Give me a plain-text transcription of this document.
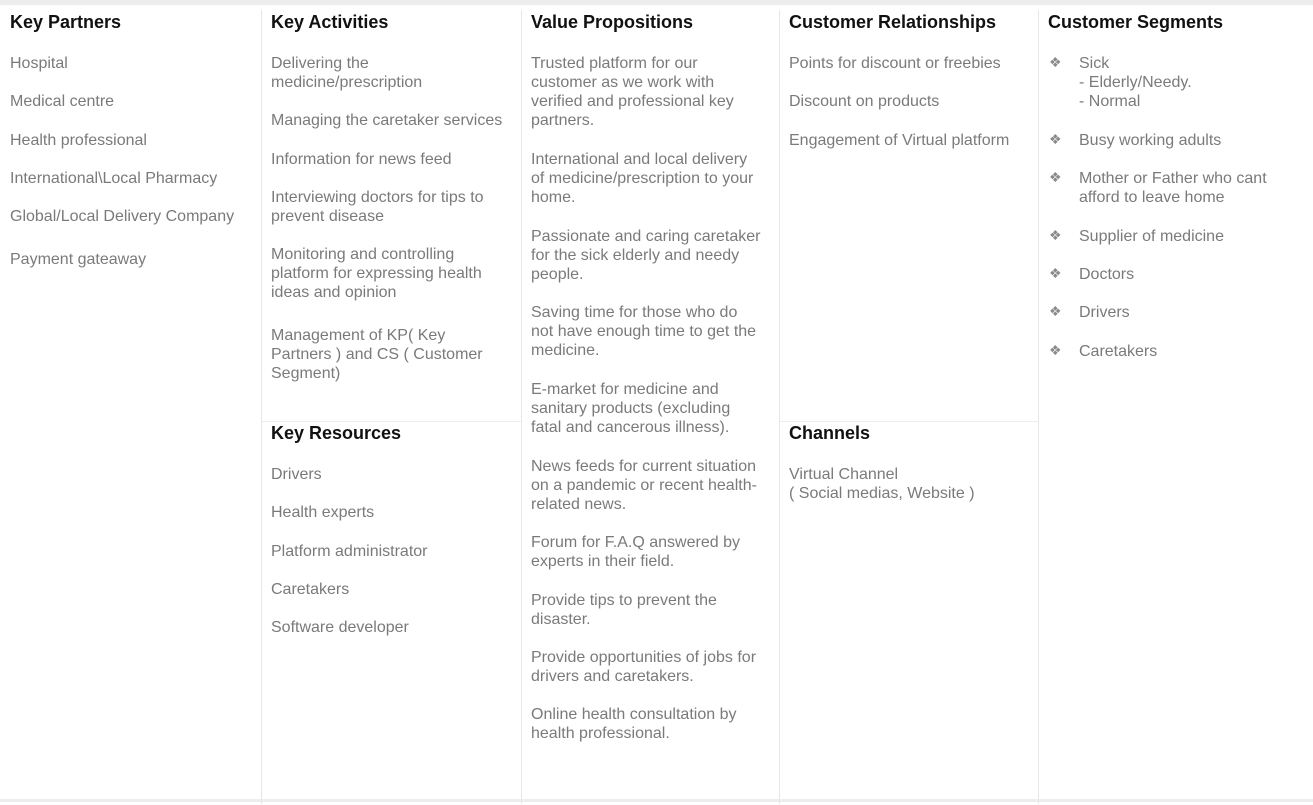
Key Partners
Hospital
Medical centre
Health professional
International\Local Pharmacy
Global/Local Delivery Company
Payment gateaway
Key Activities
Delivering the
medicine/prescription
Managing the caretaker services
Information for news feed
Interviewing doctors for tips to
prevent disease
Monitoring and controlling
platform for expressing health
ideas and opinion
Management of KP( Key
Partners ) and CS ( Customer
Segment)
Key Resources
Drivers
Health experts
Platform administrator
Caretakers
Software developer
Value Propositions
Trusted platform for our
customer as we work with
verified and professional key
partners.
International and local delivery
of medicine/prescription to your
home.
Passionate and caring caretaker
for the sick elderly and needy
people.
Saving time for those who do
not have enough time to get the
medicine.
E-market for medicine and
sanitary products (excluding
fatal and cancerous illness).
News feeds for current situation
on a pandemic or recent health-
related news.
Forum for F.A.Q answered by
experts in their field.
Provide tips to prevent the
disaster.
Provide opportunities of jobs for
drivers and caretakers.
Online health consultation by
health professional.
Customer Relationships
Points for discount or freebies
Discount on products
Engagement of Virtual platform
Channels
Virtual Channel
( Social medias, Website )
Customer Segments
❖ Sick
- Elderly/Needy.
- Normal
❖ Busy working adults
❖ Mother or Father who cant
afford to leave home
❖ Supplier of medicine
❖ Doctors
❖ Drivers
❖ Caretakers
